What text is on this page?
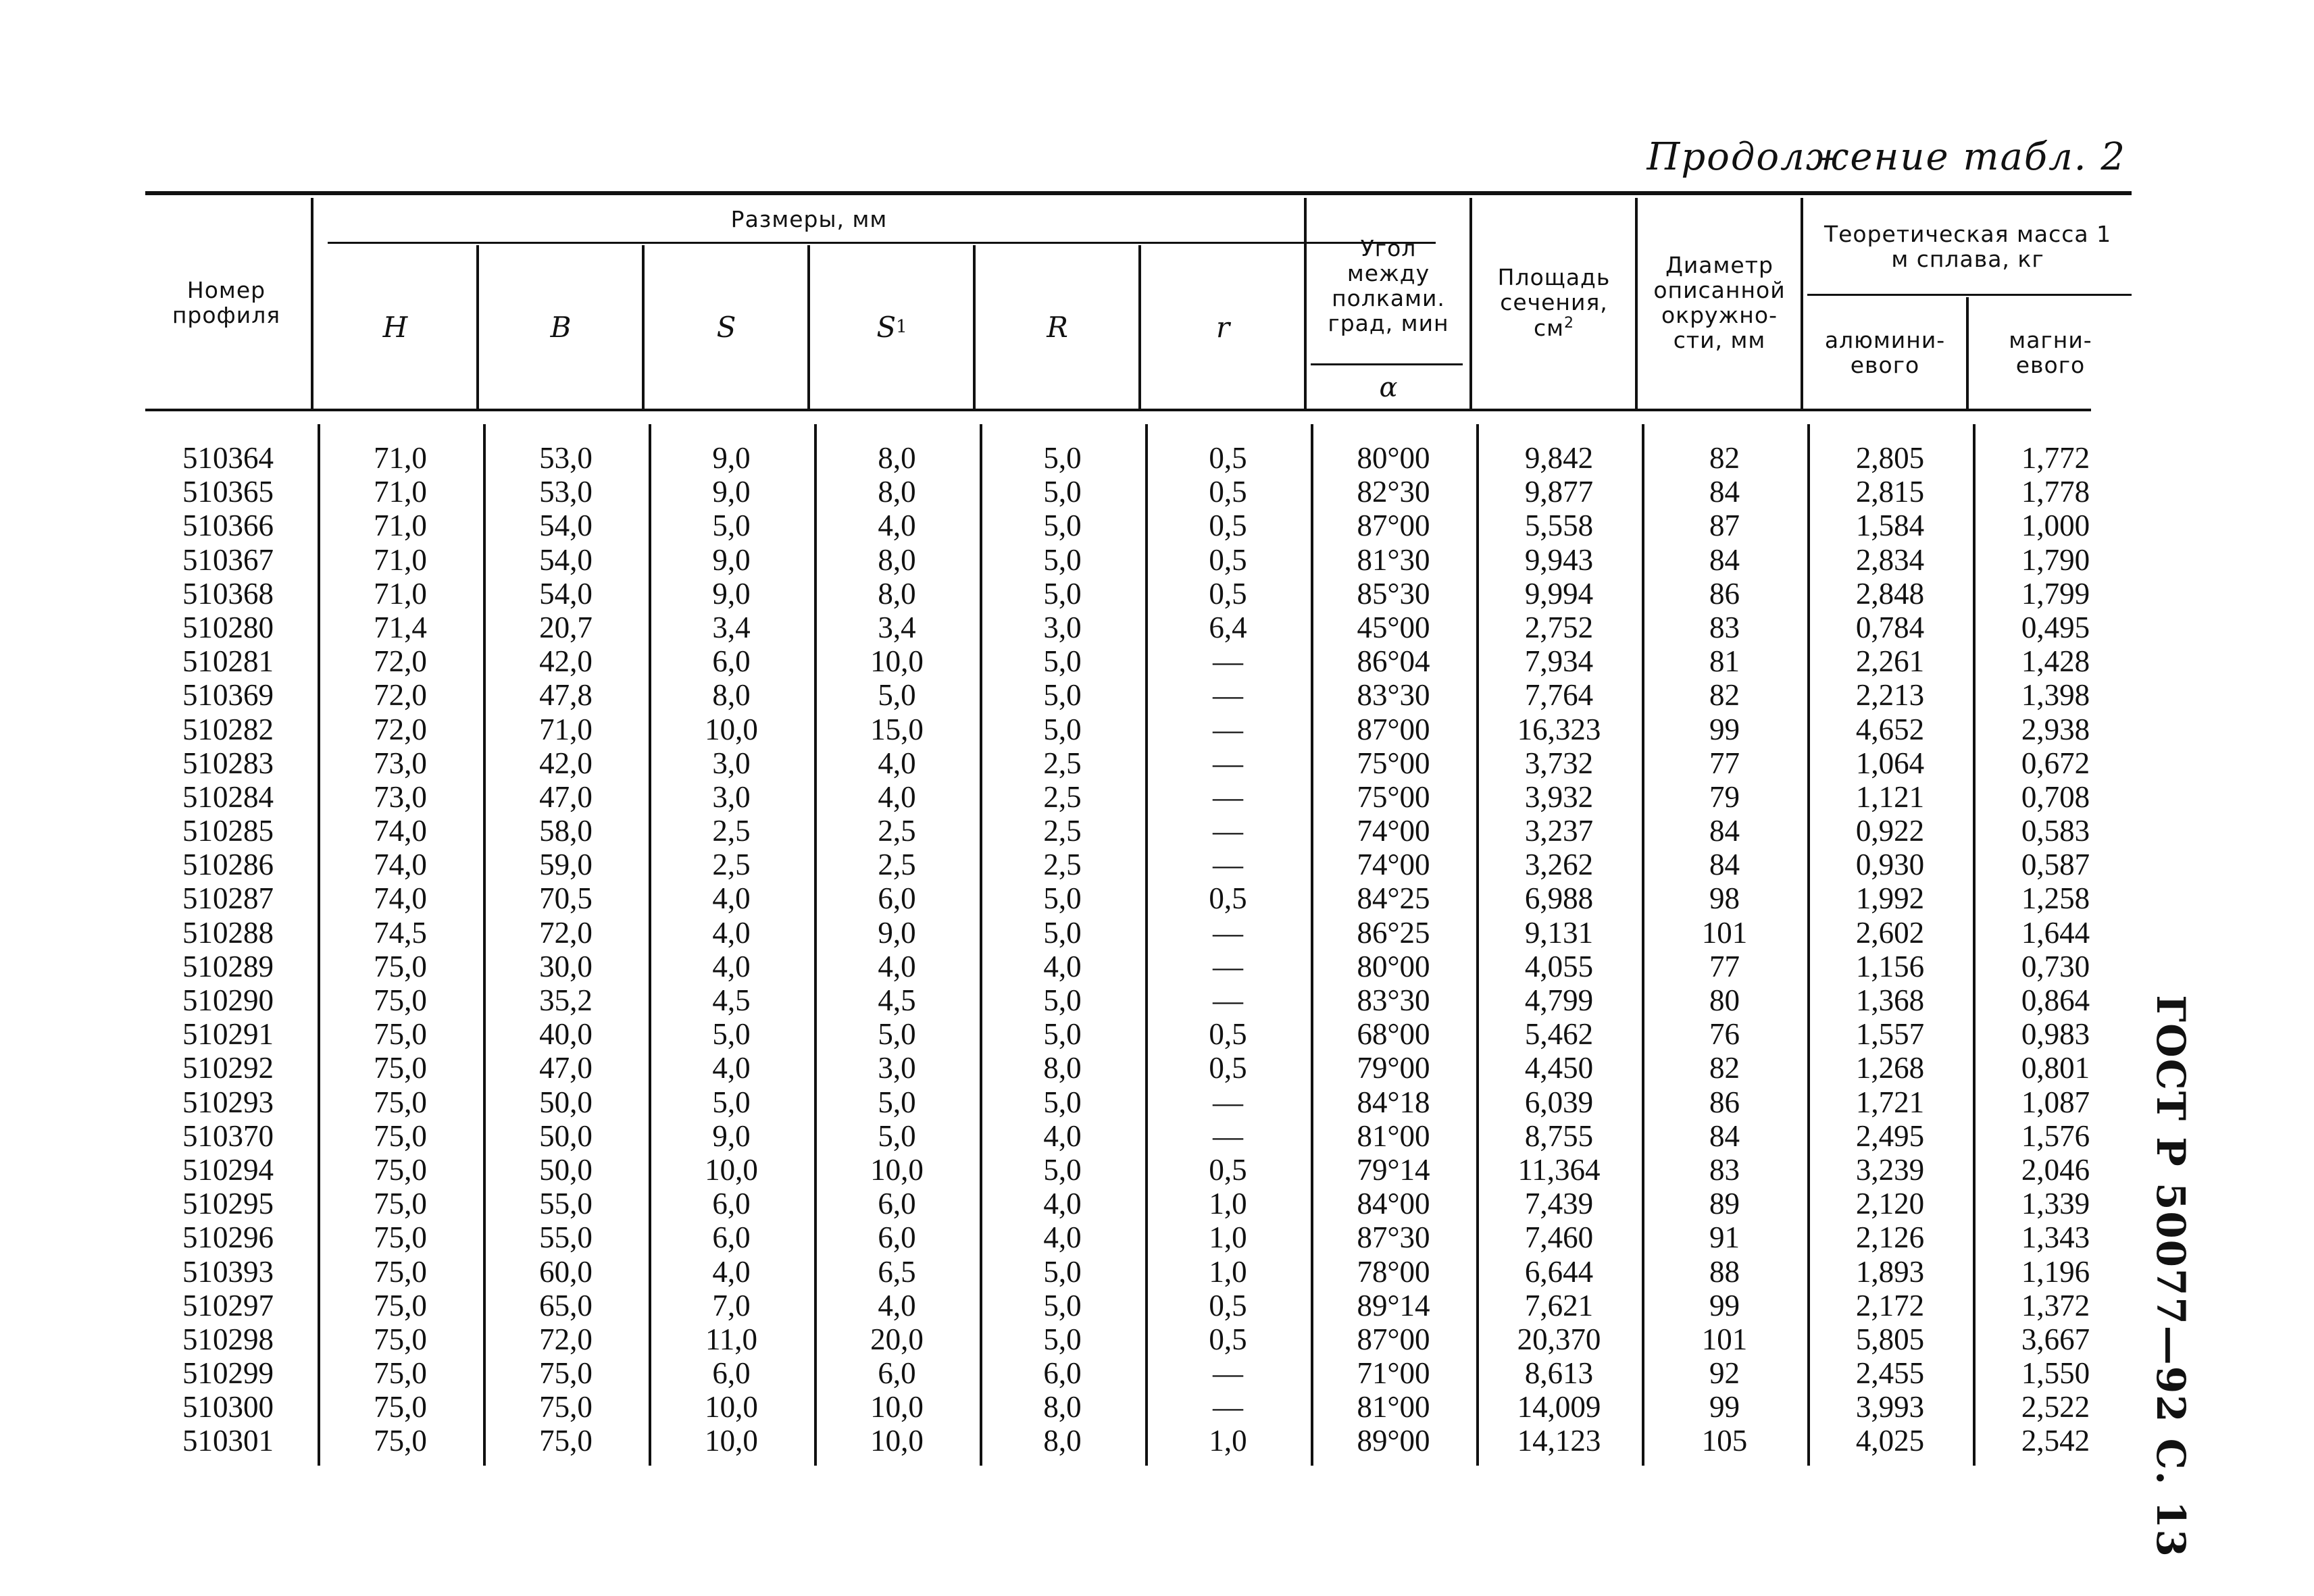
Продолжение табл. 2
ГОСТ Р 50077—92 С. 13
Номер профиля
Размеры, мм
H	B	S	S 1	R	r
Угол между полками. град, мин
α
Площадь сечения, $см^2$
Диаметр описанной окружно-сти, мм
Теоретическая масса 1 м сплава, кг
алюмини-евого
магни-евого
510364	71,0	53,0	9,0	8,0	5,0	0,5	80°00	9,842	82	2,805	1,772
510365	71,0	53,0	9,0	8,0	5,0	0,5	82°30	9,877	84	2,815	1,778
510366	71,0	54,0	5,0	4,0	5,0	0,5	87°00	5,558	87	1,584	1,000
510367	71,0	54,0	9,0	8,0	5,0	0,5	81°30	9,943	84	2,834	1,790
510368	71,0	54,0	9,0	8,0	5,0	0,5	85°30	9,994	86	2,848	1,799
510280	71,4	20,7	3,4	3,4	3,0	6,4	45°00	2,752	83	0,784	0,495
510281	72,0	42,0	6,0	10,0	5,0	—	86°04	7,934	81	2,261	1,428
510369	72,0	47,8	8,0	5,0	5,0	—	83°30	7,764	82	2,213	1,398
510282	72,0	71,0	10,0	15,0	5,0	—	87°00	16,323	99	4,652	2,938
510283	73,0	42,0	3,0	4,0	2,5	—	75°00	3,732	77	1,064	0,672
510284	73,0	47,0	3,0	4,0	2,5	—	75°00	3,932	79	1,121	0,708
510285	74,0	58,0	2,5	2,5	2,5	—	74°00	3,237	84	0,922	0,583
510286	74,0	59,0	2,5	2,5	2,5	—	74°00	3,262	84	0,930	0,587
510287	74,0	70,5	4,0	6,0	5,0	0,5	84°25	6,988	98	1,992	1,258
510288	74,5	72,0	4,0	9,0	5,0	—	86°25	9,131	101	2,602	1,644
510289	75,0	30,0	4,0	4,0	4,0	—	80°00	4,055	77	1,156	0,730
510290	75,0	35,2	4,5	4,5	5,0	—	83°30	4,799	80	1,368	0,864
510291	75,0	40,0	5,0	5,0	5,0	0,5	68°00	5,462	76	1,557	0,983
510292	75,0	47,0	4,0	3,0	8,0	0,5	79°00	4,450	82	1,268	0,801
510293	75,0	50,0	5,0	5,0	5,0	—	84°18	6,039	86	1,721	1,087
510370	75,0	50,0	9,0	5,0	4,0	—	81°00	8,755	84	2,495	1,576
510294	75,0	50,0	10,0	10,0	5,0	0,5	79°14	11,364	83	3,239	2,046
510295	75,0	55,0	6,0	6,0	4,0	1,0	84°00	7,439	89	2,120	1,339
510296	75,0	55,0	6,0	6,0	4,0	1,0	87°30	7,460	91	2,126	1,343
510393	75,0	60,0	4,0	6,5	5,0	1,0	78°00	6,644	88	1,893	1,196
510297	75,0	65,0	7,0	4,0	5,0	0,5	89°14	7,621	99	2,172	1,372
510298	75,0	72,0	11,0	20,0	5,0	0,5	87°00	20,370	101	5,805	3,667
510299	75,0	75,0	6,0	6,0	6,0	—	71°00	8,613	92	2,455	1,550
510300	75,0	75,0	10,0	10,0	8,0	—	81°00	14,009	99	3,993	2,522
510301	75,0	75,0	10,0	10,0	8,0	1,0	89°00	14,123	105	4,025	2,542
